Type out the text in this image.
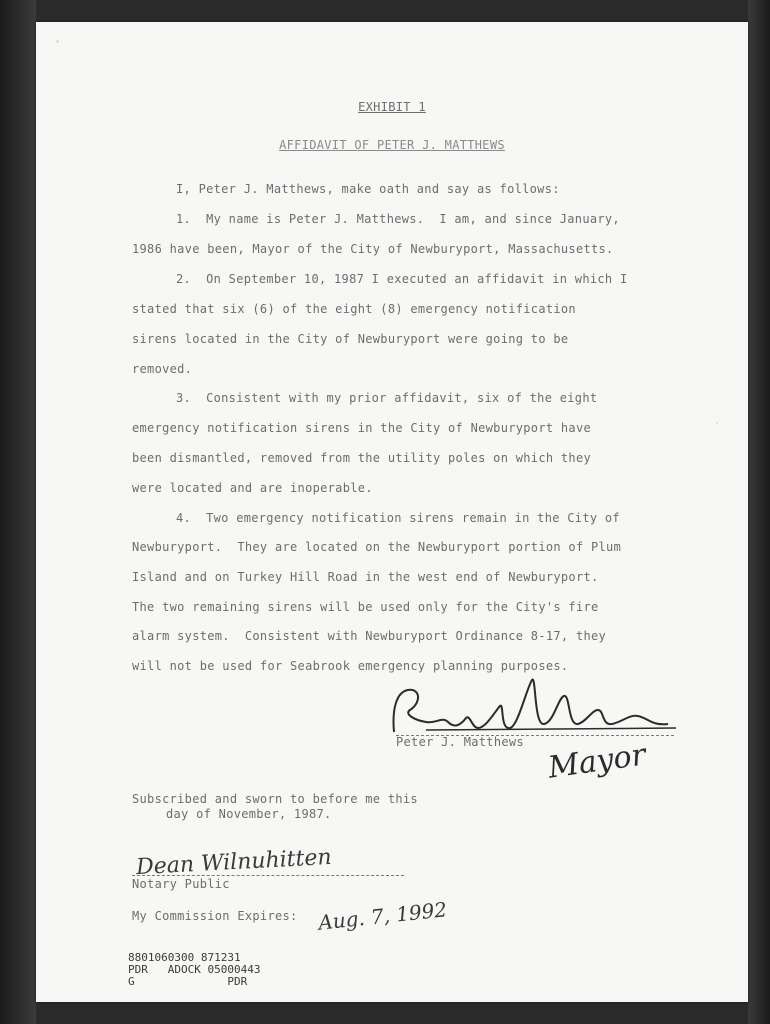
EXHIBIT 1
AFFIDAVIT OF PETER J. MATTHEWS
I, Peter J. Matthews, make oath and say as follows:
1.  My name is Peter J. Matthews.  I am, and since January,
1986 have been, Mayor of the City of Newburyport, Massachusetts.
2.  On September 10, 1987 I executed an affidavit in which I
stated that six (6) of the eight (8) emergency notification
sirens located in the City of Newburyport were going to be
removed.
3.  Consistent with my prior affidavit, six of the eight
emergency notification sirens in the City of Newburyport have
been dismantled, removed from the utility poles on which they
were located and are inoperable.
4.  Two emergency notification sirens remain in the City of
Newburyport.  They are located on the Newburyport portion of Plum
Island and on Turkey Hill Road in the west end of Newburyport.
The two remaining sirens will be used only for the City's fire
alarm system.  Consistent with Newburyport Ordinance 8-17, they
will not be used for Seabrook emergency planning purposes.
Peter J. Matthews Mayor
Subscribed and sworn to before me this
day of November, 1987.
Dean Wilnuhitten
Notary Public
My Commission Expires: Aug. 7, 1992
8801060300 871231
PDR   ADOCK 05000443
G              PDR
